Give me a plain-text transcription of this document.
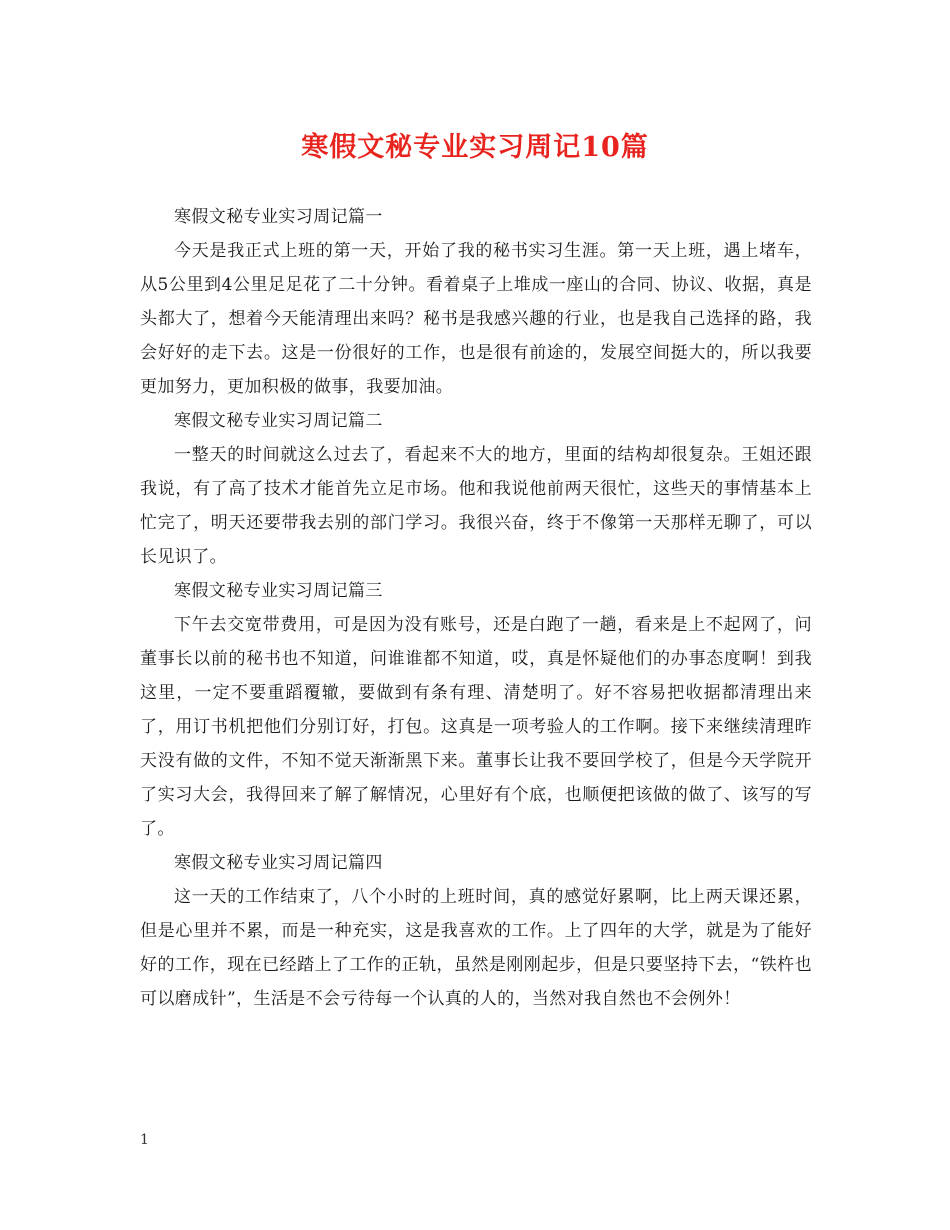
寒假文秘专业实习周记10篇

寒假文秘专业实习周记篇一

今天是我正式上班的第一天，开始了我的秘书实习生涯。第一天上班，遇上堵车，从5公里到4公里足足花了二十分钟。看着桌子上堆成一座山的合同、协议、收据，真是头都大了，想着今天能清理出来吗？秘书是我感兴趣的行业，也是我自己选择的路，我会好好的走下去。这是一份很好的工作，也是很有前途的，发展空间挺大的，所以我要更加努力，更加积极的做事，我要加油。

寒假文秘专业实习周记篇二

一整天的时间就这么过去了，看起来不大的地方，里面的结构却很复杂。王姐还跟我说，有了高了技术才能首先立足市场。他和我说他前两天很忙，这些天的事情基本上忙完了，明天还要带我去别的部门学习。我很兴奋，终于不像第一天那样无聊了，可以长见识了。

寒假文秘专业实习周记篇三

下午去交宽带费用，可是因为没有账号，还是白跑了一趟，看来是上不起网了，问董事长以前的秘书也不知道，问谁谁都不知道，哎，真是怀疑他们的办事态度啊！到我这里，一定不要重蹈覆辙，要做到有条有理、清楚明了。好不容易把收据都清理出来了，用订书机把他们分别订好，打包。这真是一项考验人的工作啊。接下来继续清理昨天没有做的文件，不知不觉天渐渐黑下来。董事长让我不要回学校了，但是今天学院开了实习大会，我得回来了解了解情况，心里好有个底，也顺便把该做的做了、该写的写了。

寒假文秘专业实习周记篇四

这一天的工作结束了，八个小时的上班时间，真的感觉好累啊，比上两天课还累，但是心里并不累，而是一种充实，这是我喜欢的工作。上了四年的大学，就是为了能好好的工作，现在已经踏上了工作的正轨，虽然是刚刚起步，但是只要坚持下去，“铁杵也可以磨成针”，生活是不会亏待每一个认真的人的，当然对我自然也不会例外！

1
